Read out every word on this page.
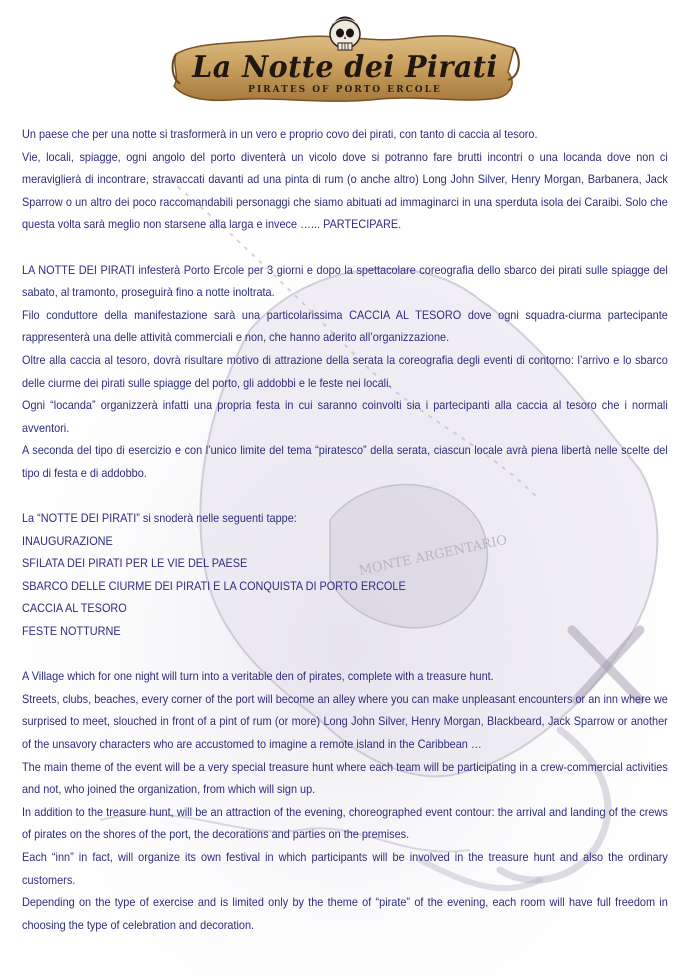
MONTE ARGENTARIO
La Notte dei Pirati
PIRATES OF PORTO ERCOLE

Un paese che per una notte si trasformerà in un vero e proprio covo dei pirati, con tanto di caccia al tesoro.

Vie, locali, spiagge, ogni angolo del porto diventerà un vicolo dove si potranno fare brutti incontri o una locanda dove non ci meraviglierà di incontrare, stravaccati davanti ad una pinta di rum (o anche altro) Long John Silver, Henry Morgan, Barbanera, Jack Sparrow o un altro dei poco raccomandabili personaggi che siamo abituati ad immaginarci in una sperduta isola dei Caraibi. Solo che questa volta sarà meglio non starsene alla larga e invece …... PARTECIPARE.

LA NOTTE DEI PIRATI infesterà Porto Ercole per 3 giorni e dopo la spettacolare coreografia dello sbarco dei pirati sulle spiagge del sabato, al tramonto, proseguirà fino a notte inoltrata.

Filo conduttore della manifestazione sarà una particolarissima CACCIA AL TESORO dove ogni squadra-ciurma partecipante rappresenterà una delle attività commerciali e non, che hanno aderito all’organizzazione.

Oltre alla caccia al tesoro, dovrà risultare motivo di attrazione della serata la coreografia degli eventi di contorno: l’arrivo e lo sbarco delle ciurme dei pirati sulle spiagge del porto, gli addobbi e le feste nei locali.

Ogni “locanda” organizzerà infatti una propria festa in cui saranno coinvolti sia i partecipanti alla caccia al tesoro che i normali avventori.

A seconda del tipo di esercizio e con l’unico limite del tema “piratesco” della serata, ciascun locale avrà piena libertà nelle scelte del tipo di festa e di addobbo.

La “NOTTE DEI PIRATI” si snoderà nelle seguenti tappe:

INAUGURAZIONE

SFILATA DEI PIRATI PER LE VIE DEL PAESE

SBARCO DELLE CIURME DEI PIRATI E LA CONQUISTA DI PORTO ERCOLE

CACCIA AL TESORO

FESTE NOTTURNE

A Village which for one night will turn into a veritable den of pirates, complete with a treasure hunt.

Streets, clubs, beaches, every corner of the port will become an alley where you can make unpleasant encounters or an inn where we surprised to meet, slouched in front of a pint of rum (or more) Long John Silver, Henry Morgan, Blackbeard, Jack Sparrow or another of the unsavory characters who are accustomed to imagine a remote island in the Caribbean …

The main theme of the event will be a very special treasure hunt where each team will be participating in a crew-commercial activities and not, who joined the organization, from which will sign up.

In addition to the treasure hunt, will be an attraction of the evening, choreographed event contour: the arrival and landing of the crews of pirates on the shores of the port, the decorations and parties on the premises.

Each “inn” in fact, will organize its own festival in which participants will be involved in the treasure hunt and also the ordinary customers.

Depending on the type of exercise and is limited only by the theme of “pirate” of the evening, each room will have full freedom in choosing the type of celebration and decoration.
